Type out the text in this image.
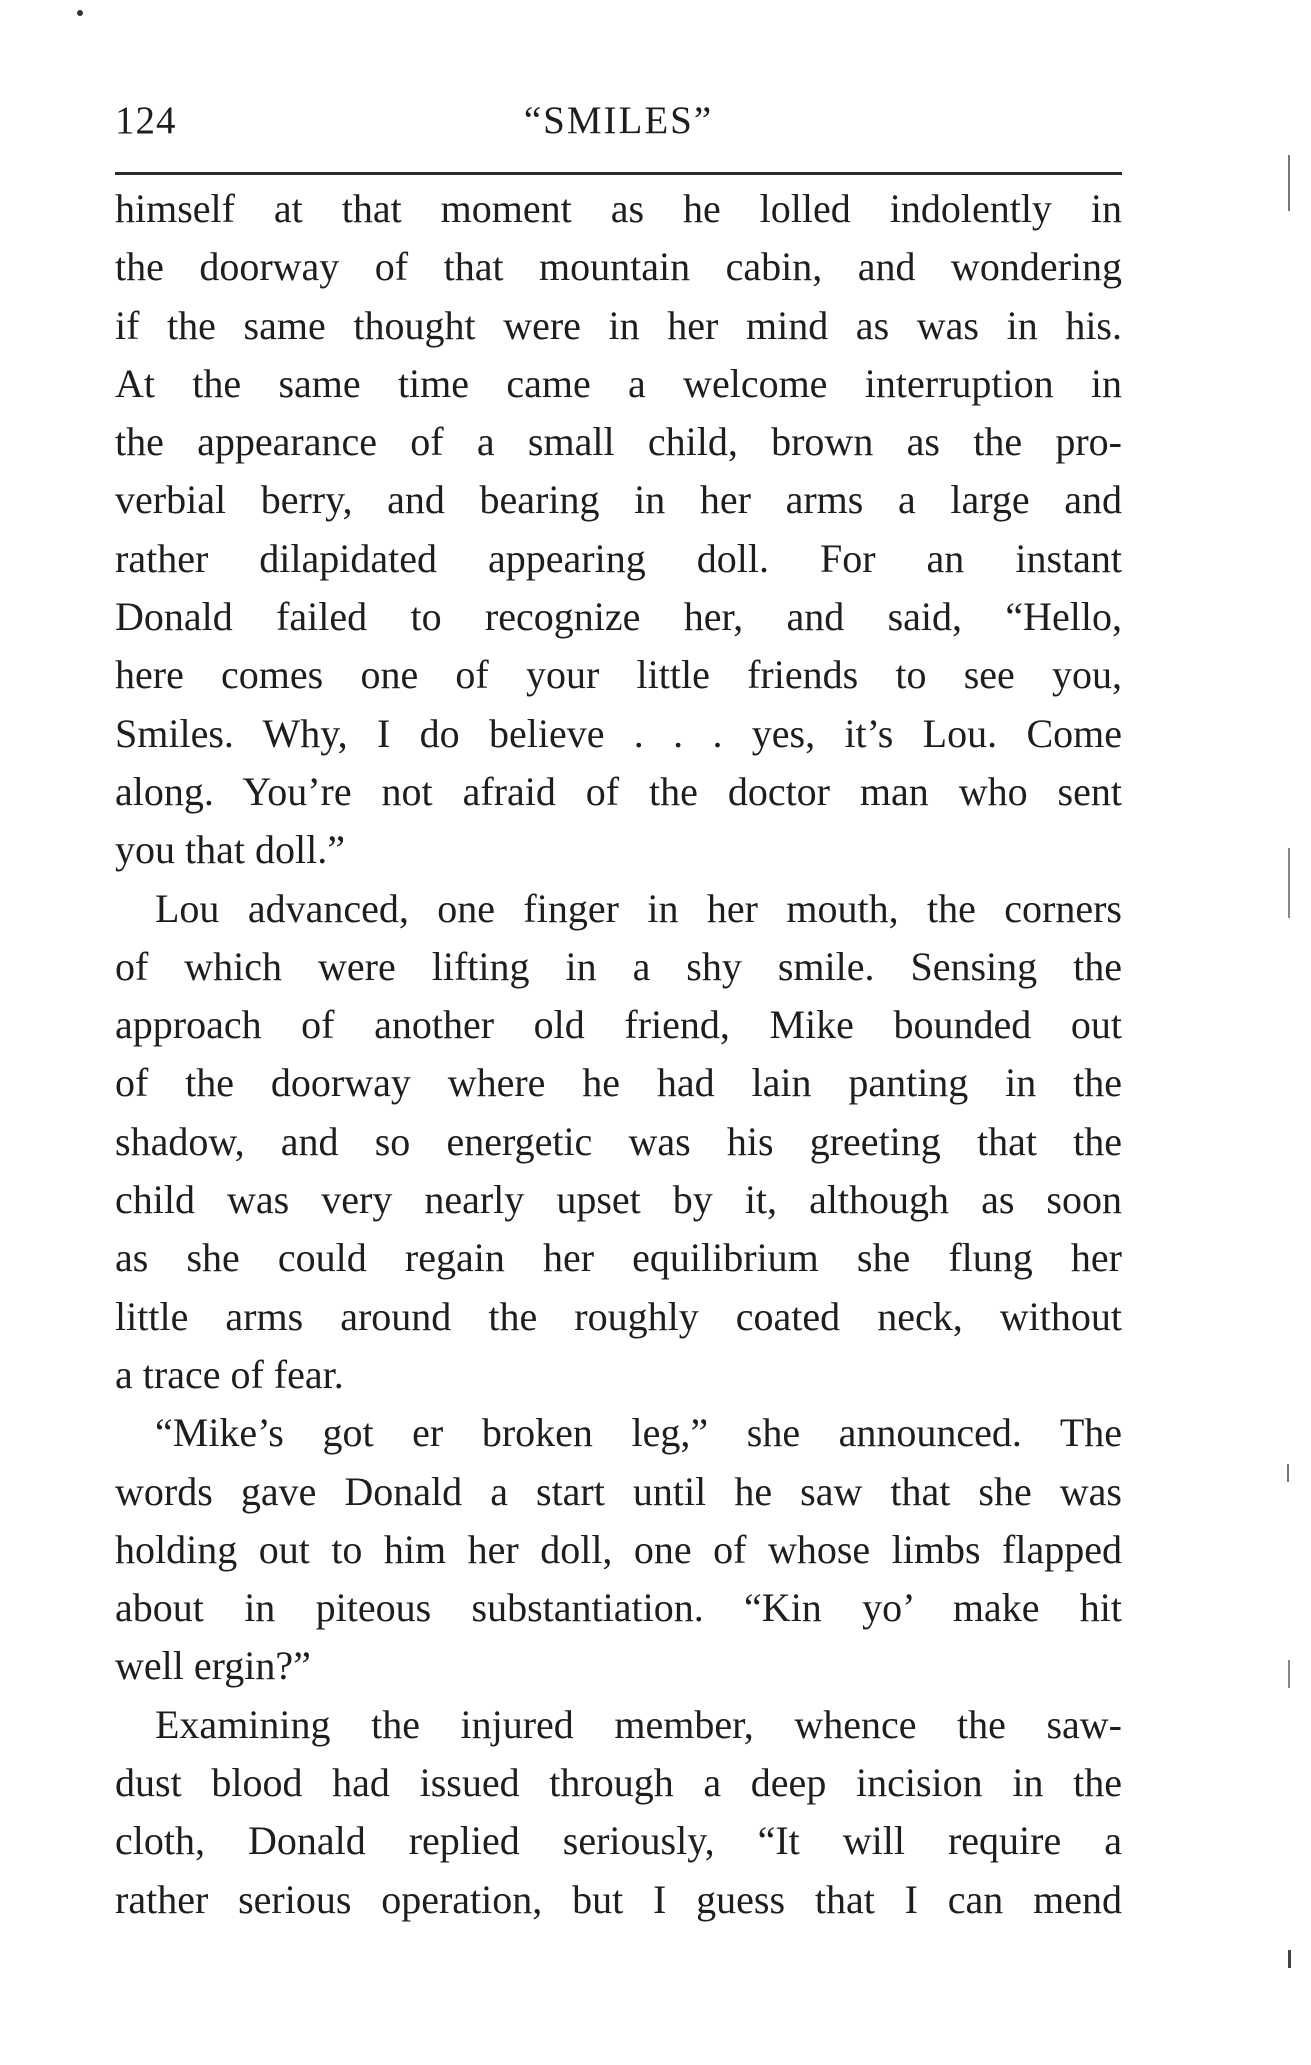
124	“SMILES”

himself at that moment as he lolled indolently in
the doorway of that mountain cabin, and wondering
if the same thought were in her mind as was in his.
At the same time came a welcome interruption in
the appearance of a small child, brown as the pro-
verbial berry, and bearing in her arms a large and
rather dilapidated appearing doll. For an instant
Donald failed to recognize her, and said, “Hello,
here comes one of your little friends to see you,
Smiles. Why, I do believe . . . yes, it’s Lou. Come
along. You’re not afraid of the doctor man who sent
you that doll.”

Lou advanced, one finger in her mouth, the corners
of which were lifting in a shy smile. Sensing the
approach of another old friend, Mike bounded out
of the doorway where he had lain panting in the
shadow, and so energetic was his greeting that the
child was very nearly upset by it, although as soon
as she could regain her equilibrium she flung her
little arms around the roughly coated neck, without
a trace of fear.

“Mike’s got er broken leg,” she announced. The
words gave Donald a start until he saw that she was
holding out to him her doll, one of whose limbs flapped
about in piteous substantiation. “Kin yo’ make hit
well ergin?”

Examining the injured member, whence the saw-
dust blood had issued through a deep incision in the
cloth, Donald replied seriously, “It will require a
rather serious operation, but I guess that I can mend
